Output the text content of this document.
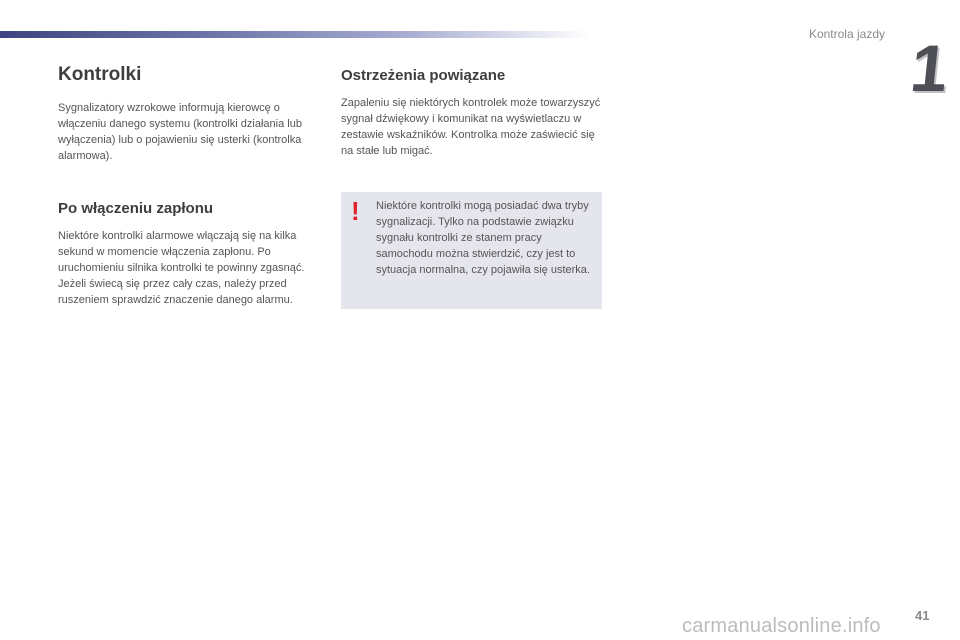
Kontrola jazdy 1
Kontrolki

Sygnalizatory wzrokowe informują kierowcę o włączeniu danego systemu (kontrolki działania lub wyłączenia) lub o pojawieniu się usterki (kontrolka alarmowa).

Po włączeniu zapłonu

Niektóre kontrolki alarmowe włączają się na kilka sekund w momencie włączenia zapłonu. Po uruchomieniu silnika kontrolki te powinny zgasnąć.

Jeżeli świecą się przez cały czas, należy przed ruszeniem sprawdzić znaczenie danego alarmu.

Ostrzeżenia powiązane

Zapaleniu się niektórych kontrolek może towarzyszyć sygnał dźwiękowy i komunikat na wyświetlaczu w zestawie wskaźników. Kontrolka może zaświecić się na stałe lub migać.

!	Niektóre kontrolki mogą posiadać dwa tryby sygnalizacji. Tylko na podstawie związku sygnału kontrolki ze stanem pracy samochodu można stwierdzić, czy jest to sytuacja normalna, czy pojawiła się usterka.
41
carmanualsonline.info
